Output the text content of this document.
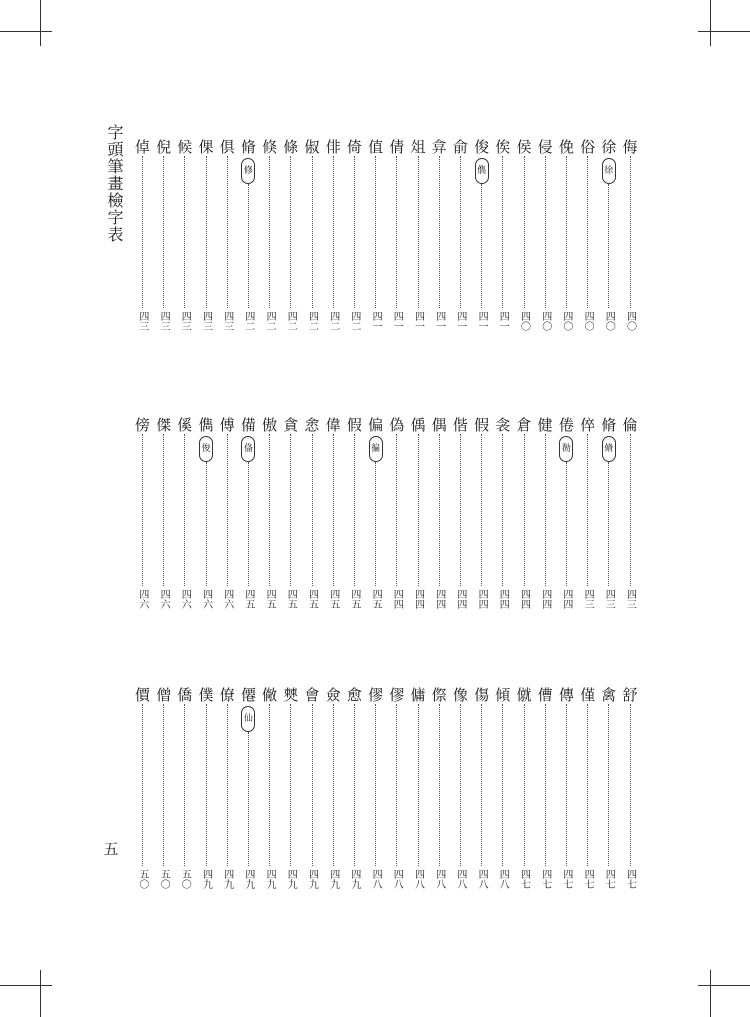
字頭筆畫檢字表
五
侮
四〇
徐
徐
四〇
俗
四〇
俛
四〇
侵
四〇
侯
四〇
俟
四一
俊
儁
四一
俞
四一
弇
四一
俎
四一
倩
四一
值
四一
倚
四二
俳
四二
俶
四二
條
四二
倏
四二
脩
修
四二
俱
四三
倮
四三
候
四三
倪
四三
倬
四三
倫
四三
脩
脩
四三
倅
四三
倦
勌
四四
健
四四
倉
四四
衾
四四
假
四四
偕
四四
偶
四四
偊
四四
偽
四四
偏
徧
四五
假
四五
偉
四五
悆
四五
貪
四五
傲
四五
備
俻
四五
傅
四六
儁
俊
四六
傒
四六
傑
四六
傍
四六
舒
四七
禽
四七
僅
四七
傳
四七
傮
四七
僦
四七
傾
四八
傷
四八
像
四八
傺
四八
傭
四八
僇
四八
僇
四八
愈
四九
僉
四九
會
四九
僰
四九
僘
四九
僊
仙
四九
僚
四九
僕
四九
僑
五〇
僧
五〇
價
五〇
